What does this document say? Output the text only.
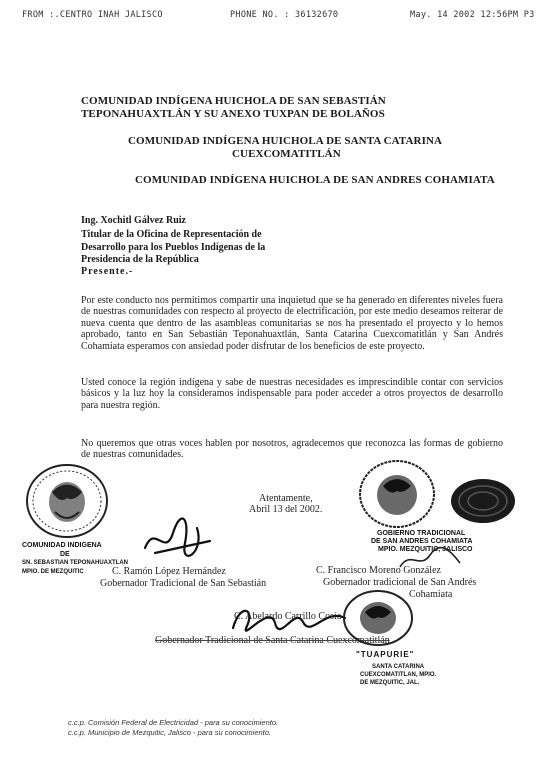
FROM :.CENTRO INAH JALISCO	PHONE NO. : 36132670	May. 14 2002 12:56PM P3
COMUNIDAD INDÍGENA HUICHOLA DE SAN SEBASTIÁN
TEPONAHUAXTLÁN Y SU ANEXO TUXPAN DE BOLAÑOS
COMUNIDAD INDÍGENA HUICHOLA DE SANTA CATARINA
CUEXCOMATITLÁN
COMUNIDAD INDÍGENA HUICHOLA DE SAN ANDRES COHAMIATA
Ing. Xochitl Gálvez Ruiz
Titular de la Oficina de Representación de
Desarrollo para los Pueblos Indígenas de la
Presidencia de la República
Presente.-
Por este conducto nos permitimos compartir una inquietud que se ha generado en diferentes niveles fuera de nuestras comunidades con respecto al proyecto de electrificación, por este medio deseamos reiterar de nueva cuenta que dentro de las asambleas comunitarias se nos ha presentado el proyecto y lo hemos aprobado, tanto en San Sebastián Teponahuaxtlán, Santa Catarina Cuexcomatitlán y San Andrés Cohamiata esperamos con ansiedad poder disfrutar de los beneficios de este proyecto.
Usted conoce la región indígena y sabe de nuestras necesidades es imprescindible contar con servicios básicos y la luz hoy la consideramos indispensable para poder acceder a otros proyectos de desarrollo para nuestra región.
No queremos que otras voces hablen por nosotros, agradecemos que reconozca las formas de gobierno de nuestras comunidades.
Atentamente,
Abril 13 del 2002.
COMUNIDAD INDIGENA
DE
SN. SEBASTIAN TEPONAHUAXTLAN
MPIO. DE MEZQUITIC	C. Ramón López Hernández
Gobernador Tradicional de San Sebastián
GOBIERNO TRADICIONAL
DE SAN ANDRES COHAMIATA
MPIO. MEZQUITIC, JALISCO
C. Francisco Moreno González
Gobernador tradicional de San Andrés
Cohamiata
C. Abelardo Carrillo Cosío
Gobernador Tradicional de Santa Catarina Cuexcomatitlán
"TUAPURIE"
SANTA CATARINA
CUEXCOMATITLAN, MPIO.
DE MEZQUITIC, JAL.
c.c.p. Comisión Federal de Electricidad - para su conocimiento.
c.c.p. Municipio de Mezquitic, Jalisco - para su conocimiento.
